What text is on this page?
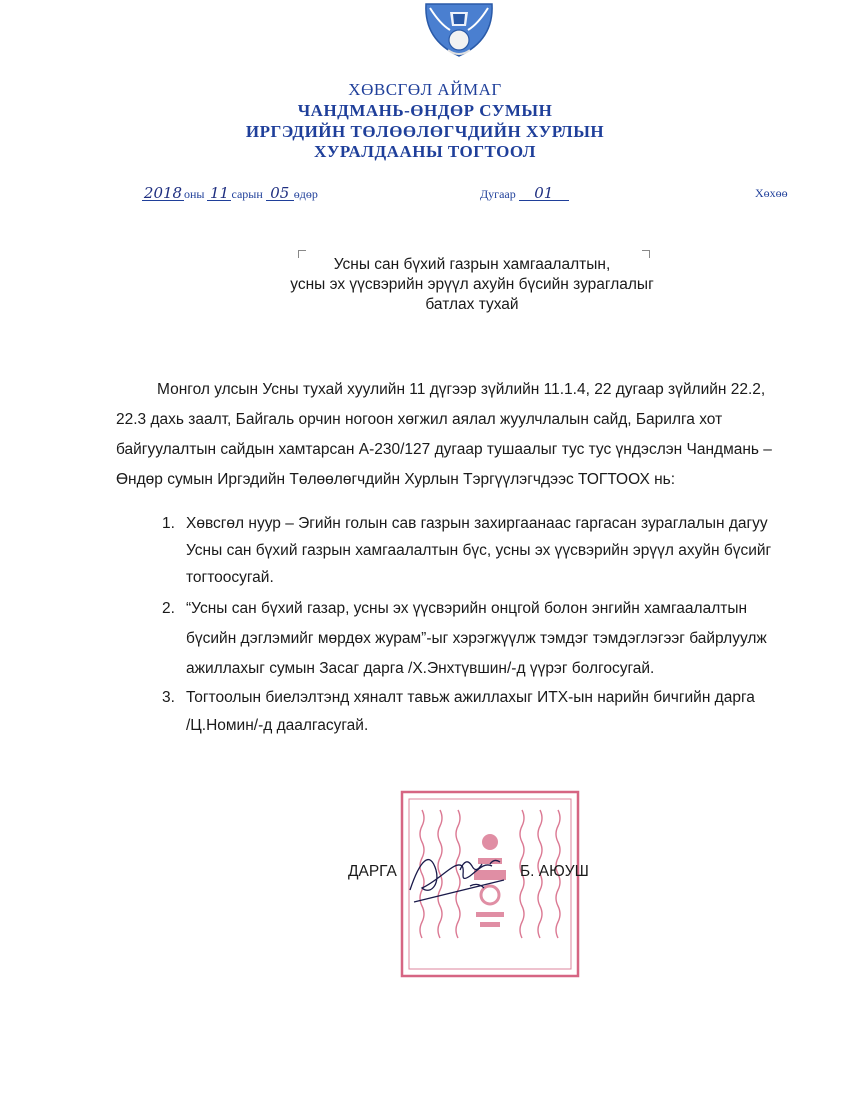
ХӨВСГӨЛ АЙМАГ
ЧАНДМАНЬ-ӨНДӨР СУМЫН
ИРГЭДИЙН ТӨЛӨӨЛӨГЧДИЙН ХУРЛЫН
ХУРАЛДААНЫ ТОГТООЛ
2018 оны 11 сарын 05 өдөр	Дугаар 01	Хөхөө
Усны сан бүхий газрын хамгаалалтын,
усны эх үүсвэрийн эрүүл ахуйн бүсийн зураглалыг
батлах тухай
Монгол улсын Усны тухай хуулийн 11 дүгээр зүйлийн 11.1.4, 22 дугаар зүйлийн 22.2,
22.3 дахь заалт, Байгаль орчин ногоон хөгжил аялал жуулчлалын сайд, Барилга хот
байгуулалтын сайдын хамтарсан А-230/127 дугаар тушаалыг тус тус үндэслэн Чандмань –
Өндөр сумын Иргэдийн Төлөөлөгчдийн Хурлын Тэргүүлэгчдээс ТОГТООХ нь:
1. Хөвсгөл нуур – Эгийн голын сав газрын захиргаанаас гаргасан зураглалын дагуу
Усны сан бүхий газрын хамгаалалтын бүс, усны эх үүсвэрийн эрүүл ахуйн бүсийг
тогтоосугай.
2. “Усны сан бүхий газар, усны эх үүсвэрийн онцгой болон энгийн хамгаалалтын
бүсийн дэглэмийг мөрдөх журам”-ыг хэрэгжүүлж тэмдэг тэмдэглэгээг байрлуулж
ажиллахыг сумын Засаг дарга /Х.Энхтүвшин/-д үүрэг болгосугай.
3. Тогтоолын биелэлтэнд хяналт тавьж ажиллахыг ИТХ-ын нарийн бичгийн дарга
/Ц.Номин/-д даалгасугай.
ДАРГА	Б. АЮУШ
